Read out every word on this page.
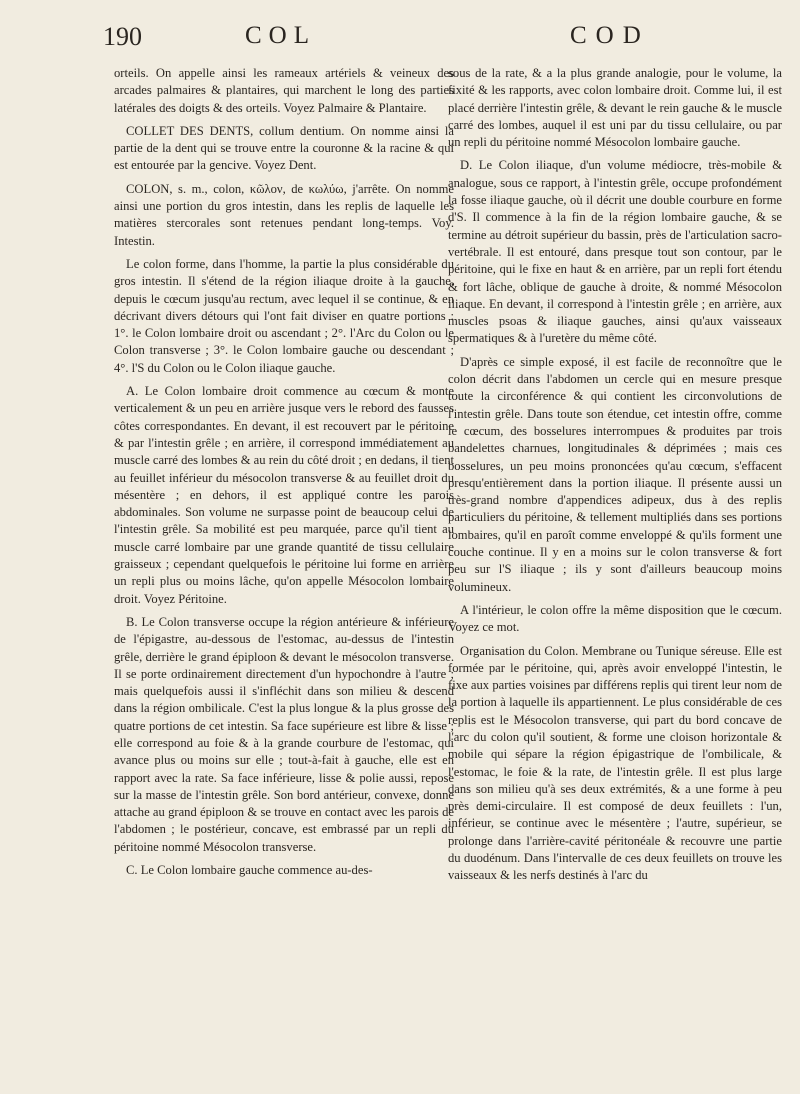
190	COL	COD

orteils. On appelle ainsi les rameaux artériels & veineux des arcades palmaires & plantaires, qui marchent le long des parties latérales des doigts & des orteils. Voyez Palmaire & Plantaire.

COLLET DES DENTS, collum dentium. On nomme ainsi la partie de la dent qui se trouve entre la couronne & la racine & qui est entourée par la gencive. Voyez Dent.

COLON, s. m., colon, κῶλον, de κωλύω, j'arrête. On nomme ainsi une portion du gros intestin, dans les replis de laquelle les matières stercorales sont retenues pendant long-temps. Voy. Intestin.

Le colon forme, dans l'homme, la partie la plus considérable du gros intestin. Il s'étend de la région iliaque droite à la gauche, depuis le cœcum jusqu'au rectum, avec lequel il se continue, & en décrivant divers détours qui l'ont fait diviser en quatre portions : 1°. le Colon lombaire droit ou ascendant ; 2°. l'Arc du Colon ou le Colon transverse ; 3°. le Colon lombaire gauche ou descendant ; 4°. l'S du Colon ou le Colon iliaque gauche.

A. Le Colon lombaire droit commence au cœcum & monte verticalement & un peu en arrière jusque vers le rebord des fausses côtes correspondantes. En devant, il est recouvert par le péritoine & par l'intestin grêle ; en arrière, il correspond immédiatement au muscle carré des lombes & au rein du côté droit ; en dedans, il tient au feuillet inférieur du mésocolon transverse & au feuillet droit du mésentère ; en dehors, il est appliqué contre les parois abdominales. Son volume ne surpasse point de beaucoup celui de l'intestin grêle. Sa mobilité est peu marquée, parce qu'il tient au muscle carré lombaire par une grande quantité de tissu cellulaire graisseux ; cependant quelquefois le péritoine lui forme en arrière un repli plus ou moins lâche, qu'on appelle Mésocolon lombaire droit. Voyez Péritoine.

B. Le Colon transverse occupe la région antérieure & inférieure de l'épigastre, au-dessous de l'estomac, au-dessus de l'intestin grêle, derrière le grand épiploon & devant le mésocolon transverse. Il se porte ordinairement directement d'un hypochondre à l'autre ; mais quelquefois aussi il s'infléchit dans son milieu & descend dans la région ombilicale. C'est la plus longue & la plus grosse des quatre portions de cet intestin. Sa face supérieure est libre & lisse ; elle correspond au foie & à la grande courbure de l'estomac, qui avance plus ou moins sur elle ; tout-à-fait à gauche, elle est en rapport avec la rate. Sa face inférieure, lisse & polie aussi, repose sur la masse de l'intestin grêle. Son bord antérieur, convexe, donne attache au grand épiploon & se trouve en contact avec les parois de l'abdomen ; le postérieur, concave, est embrassé par un repli du péritoine nommé Mésocolon transverse.

C. Le Colon lombaire gauche commence au-des-

sous de la rate, & a la plus grande analogie, pour le volume, la fixité & les rapports, avec colon lombaire droit. Comme lui, il est placé derrière l'intestin grêle, & devant le rein gauche & le muscle carré des lombes, auquel il est uni par du tissu cellulaire, ou par un repli du péritoine nommé Mésocolon lombaire gauche.

D. Le Colon iliaque, d'un volume médiocre, très-mobile & analogue, sous ce rapport, à l'intestin grêle, occupe profondément la fosse iliaque gauche, où il décrit une double courbure en forme d'S. Il commence à la fin de la région lombaire gauche, & se termine au détroit supérieur du bassin, près de l'articulation sacro-vertébrale. Il est entouré, dans presque tout son contour, par le péritoine, qui le fixe en haut & en arrière, par un repli fort étendu & fort lâche, oblique de gauche à droite, & nommé Mésocolon iliaque. En devant, il correspond à l'intestin grêle ; en arrière, aux muscles psoas & iliaque gauches, ainsi qu'aux vaisseaux spermatiques & à l'uretère du même côté.

D'après ce simple exposé, il est facile de reconnoître que le colon décrit dans l'abdomen un cercle qui en mesure presque toute la circonférence & qui contient les circonvolutions de l'intestin grêle. Dans toute son étendue, cet intestin offre, comme le cœcum, des bosselures interrompues & produites par trois bandelettes charnues, longitudinales & déprimées ; mais ces bosselures, un peu moins prononcées qu'au cœcum, s'effacent presqu'entièrement dans la portion iliaque. Il présente aussi un très-grand nombre d'appendices adipeux, dus à des replis particuliers du péritoine, & tellement multipliés dans ses portions lombaires, qu'il en paroît comme enveloppé & qu'ils forment une couche continue. Il y en a moins sur le colon transverse & fort peu sur l'S iliaque ; ils y sont d'ailleurs beaucoup moins volumineux.

A l'intérieur, le colon offre la même disposition que le cœcum. Voyez ce mot.

Organisation du Colon. Membrane ou Tunique séreuse. Elle est formée par le péritoine, qui, après avoir enveloppé l'intestin, le fixe aux parties voisines par différens replis qui tirent leur nom de la portion à laquelle ils appartiennent. Le plus considérable de ces replis est le Mésocolon transverse, qui part du bord concave de l'arc du colon qu'il soutient, & forme une cloison horizontale & mobile qui sépare la région épigastrique de l'ombilicale, & l'estomac, le foie & la rate, de l'intestin grêle. Il est plus large dans son milieu qu'à ses deux extrémités, & a une forme à peu près demi-circulaire. Il est composé de deux feuillets : l'un, inférieur, se continue avec le mésentère ; l'autre, supérieur, se prolonge dans l'arrière-cavité péritonéale & recouvre une partie du duodénum. Dans l'intervalle de ces deux feuillets on trouve les vaisseaux & les nerfs destinés à l'arc du
